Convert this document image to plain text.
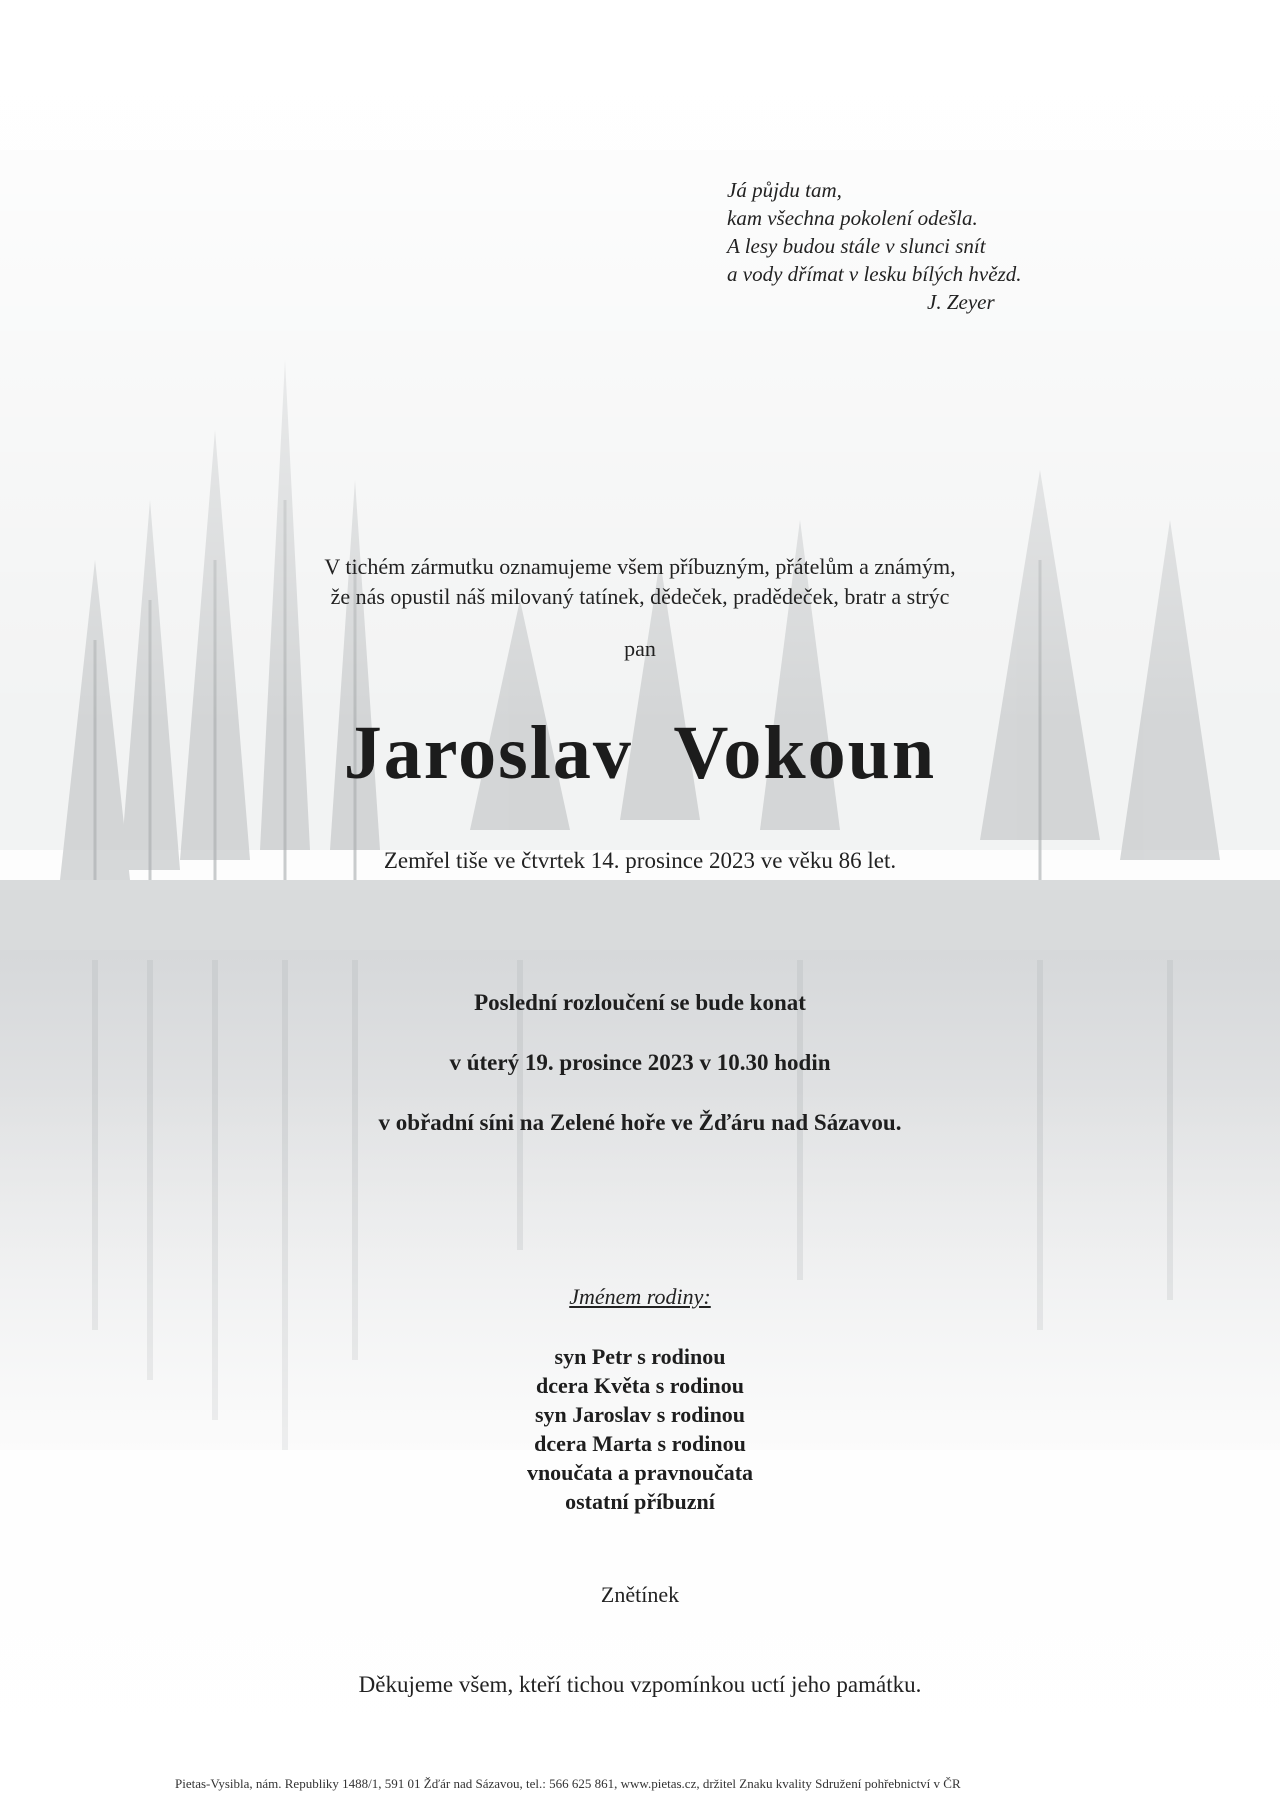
Já půjdu tam,
kam všechna pokolení odešla.
A lesy budou stále v slunci snít
a vody dřímat v lesku bílých hvězd.
J. Zeyer
V tichém zármutku oznamujeme všem příbuzným, přátelům a známým,
že nás opustil náš milovaný tatínek, dědeček, pradědeček, bratr a strýc
pan
Jaroslav  Vokoun
Zemřel tiše ve čtvrtek 14. prosince 2023 ve věku 86 let.
Poslední rozloučení se bude konat
v úterý 19. prosince 2023 v 10.30 hodin
v obřadní síni na Zelené hoře ve Žďáru nad Sázavou.
Jménem rodiny:
syn Petr s rodinou
dcera Květa s rodinou
syn Jaroslav s rodinou
dcera Marta s rodinou
vnoučata a pravnoučata
ostatní příbuzní
Znětínek
Děkujeme všem, kteří tichou vzpomínkou uctí jeho památku.
Pietas-Vysibla, nám. Republiky 1488/1, 591 01 Žďár nad Sázavou, tel.: 566 625 861, www.pietas.cz, držitel Znaku kvality Sdružení pohřebnictví v ČR
